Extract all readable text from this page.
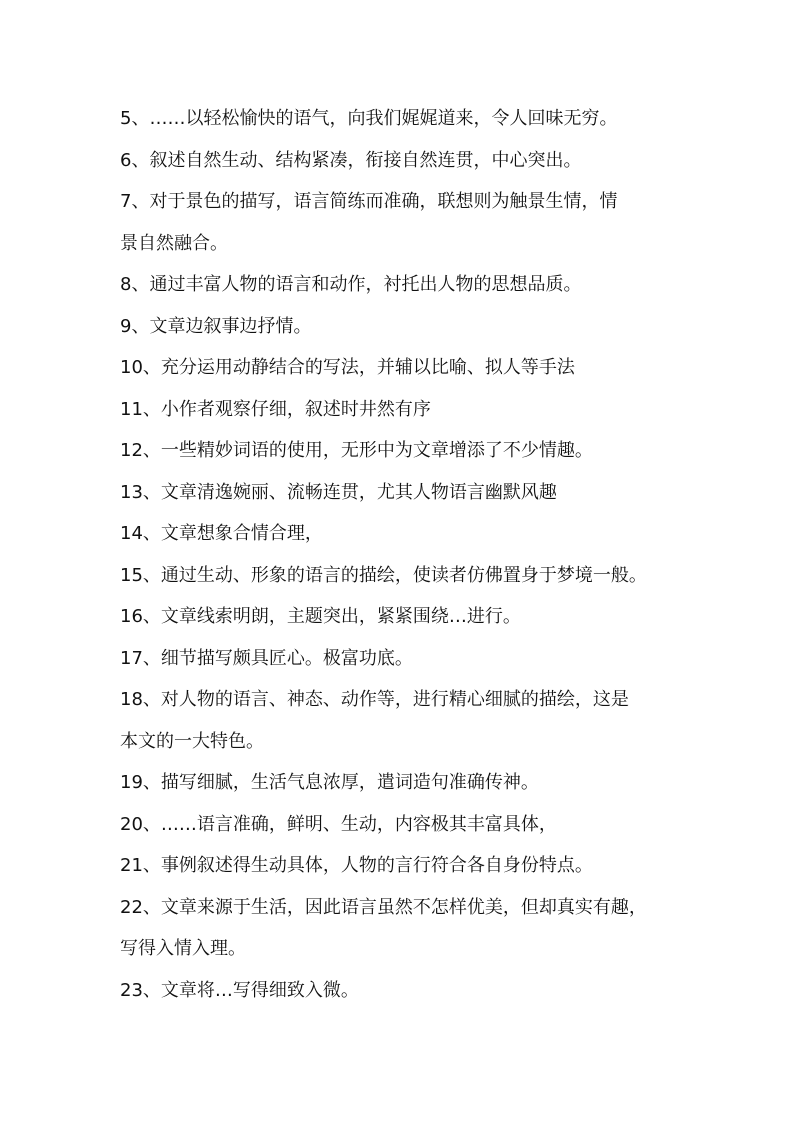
5、……以轻松愉快的语气，向我们娓娓道来，令人回味无穷。

6、叙述自然生动、结构紧凑，衔接自然连贯，中心突出。

7、对于景色的描写，语言简练而准确，联想则为触景生情，情

景自然融合。

8、通过丰富人物的语言和动作，衬托出人物的思想品质。

9、文章边叙事边抒情。

10、充分运用动静结合的写法，并辅以比喻、拟人等手法

11、小作者观察仔细，叙述时井然有序

12、一些精妙词语的使用，无形中为文章增添了不少情趣。

13、文章清逸婉丽、流畅连贯，尤其人物语言幽默风趣

14、文章想象合情合理，

15、通过生动、形象的语言的描绘，使读者仿佛置身于梦境一般。

16、文章线索明朗，主题突出，紧紧围绕…进行。

17、细节描写颇具匠心。极富功底。

18、对人物的语言、神态、动作等，进行精心细腻的描绘，这是

本文的一大特色。

19、描写细腻，生活气息浓厚，遣词造句准确传神。

20、……语言准确，鲜明、生动，内容极其丰富具体，

21、事例叙述得生动具体，人物的言行符合各自身份特点。

22、文章来源于生活，因此语言虽然不怎样优美，但却真实有趣，

写得入情入理。

23、文章将…写得细致入微。
